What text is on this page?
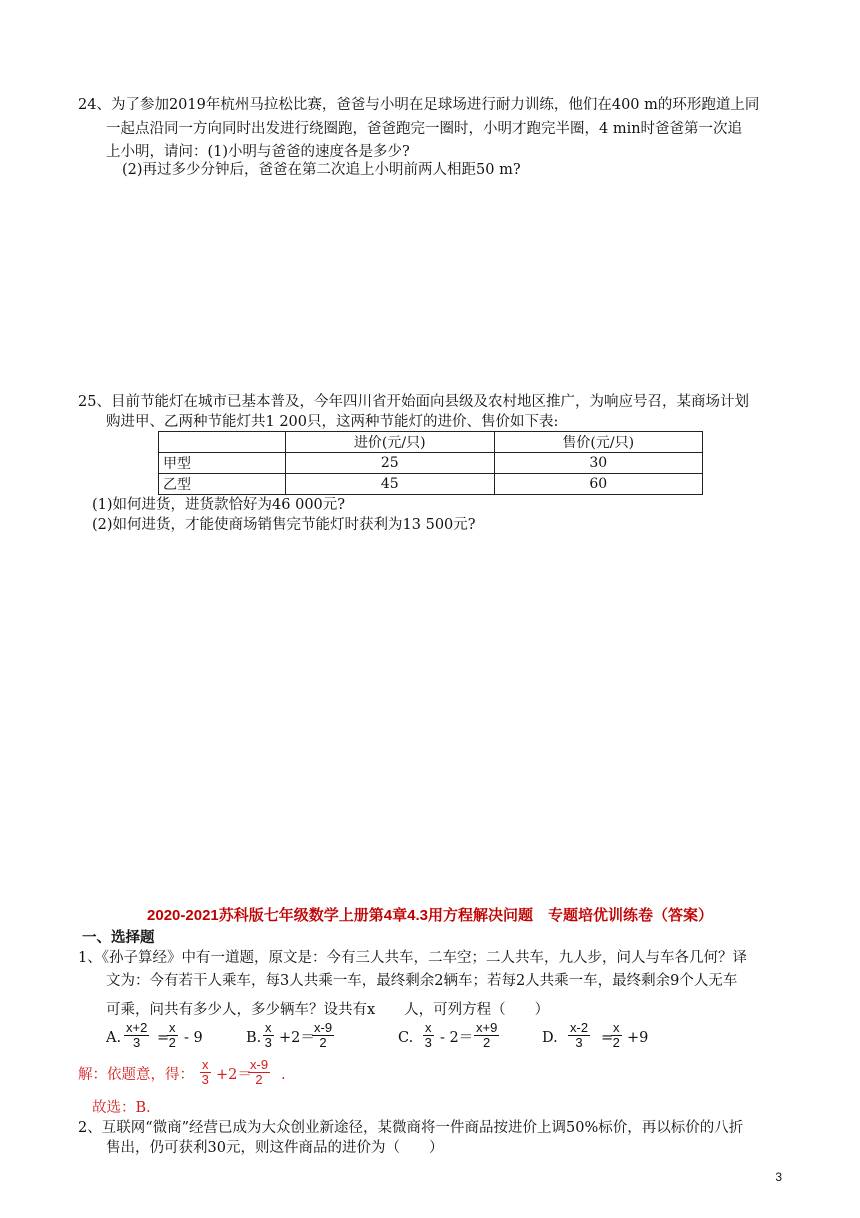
24、为了参加2019年杭州马拉松比赛，爸爸与小明在足球场进行耐力训练，他们在400 m的环形跑道上同
一起点沿同一方向同时出发进行绕圈跑，爸爸跑完一圈时，小明才跑完半圈，4 min时爸爸第一次追
上小明，请问：(1)小明与爸爸的速度各是多少?
(2)再过多少分钟后，爸爸在第二次追上小明前两人相距50 m?
25、目前节能灯在城市已基本普及，今年四川省开始面向县级及农村地区推广，为响应号召，某商场计划
购进甲、乙两种节能灯共1 200只，这两种节能灯的进价、售价如下表:
	进价(元/只)	售价(元/只)
甲型	25	30
乙型	45	60
(1)如何进货，进货款恰好为46 000元?
(2)如何进货，才能使商场销售完节能灯时获利为13 500元?
2020-2021苏科版七年级数学上册第4章4.3用方程解决问题　专题培优训练卷（答案）
一、选择题
1、《孙子算经》中有一道题，原文是：今有三人共车，二车空；二人共车，九人步，问人与车各几何？译
文为：今有若干人乘车，每3人共乘一车，最终剩余2辆车；若每2人共乘一车，最终剩余9个人无车
可乘，问共有多少人，多少辆车？设共有x　　人，可列方程（　　）
A.
x+2
3	=
x
2 - 9	B.
x
3 +2＝
x-9
2	C.
x
3 - 2＝
x+9
2	D.
x-2
3	=
x
2 +9
解：依题意，得：
x
3 +2＝
x-9
2	.
故选：B．
2、互联网“微商”经营已成为大众创业新途径，某微商将一件商品按进价上调50%标价，再以标价的八折
售出，仍可获利30元，则这件商品的进价为（　　）
3
